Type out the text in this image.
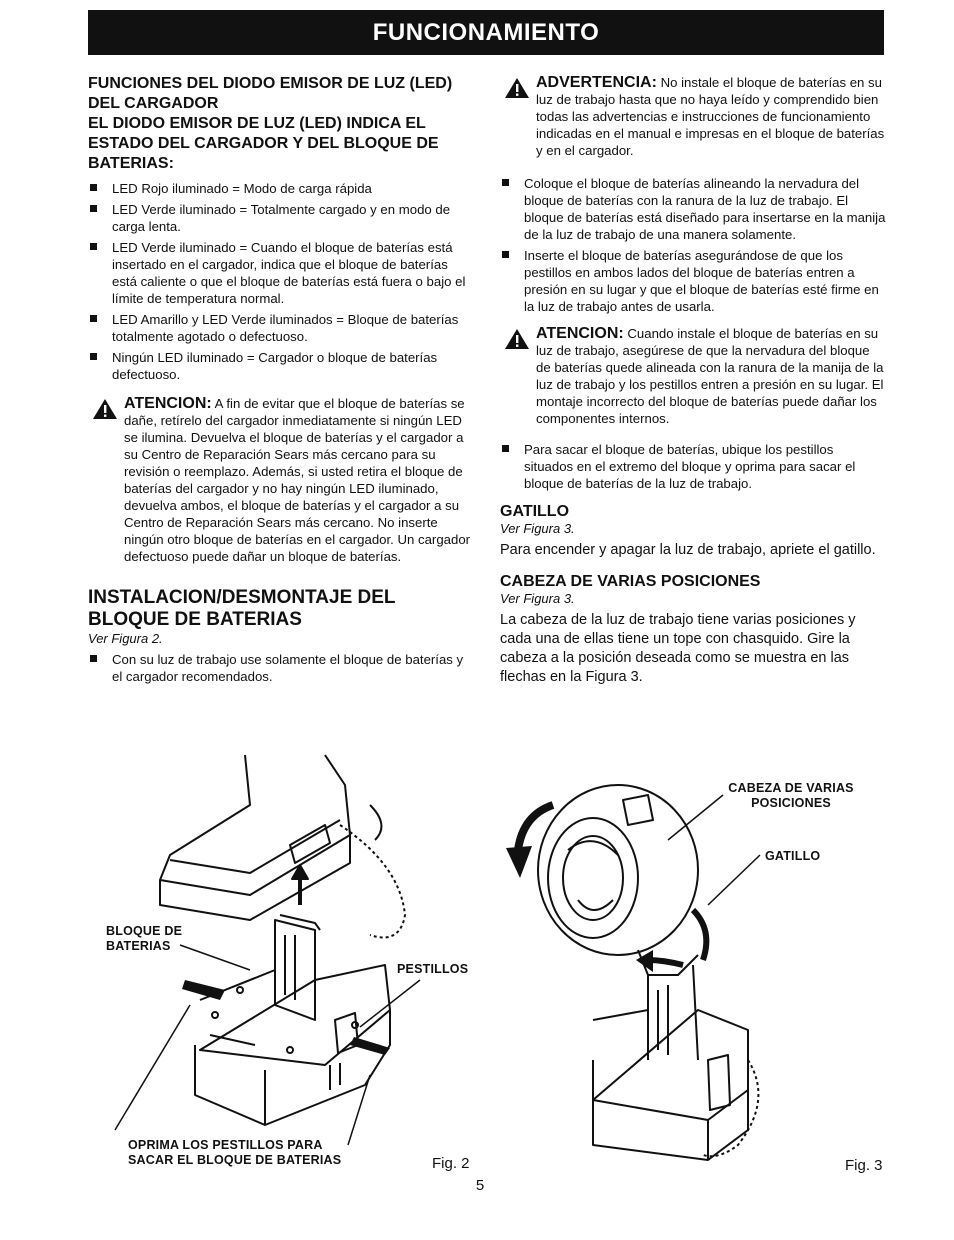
FUNCIONAMIENTO

FUNCIONES DEL DIODO EMISOR DE LUZ (LED) DEL CARGADOR

EL DIODO EMISOR DE LUZ (LED) INDICA EL ESTADO DEL CARGADOR Y DEL BLOQUE DE BATERIAS:

LED Rojo iluminado = Modo de carga rápida
LED Verde iluminado = Totalmente cargado y en modo de carga lenta.
LED Verde iluminado = Cuando el bloque de baterías está insertado en el cargador, indica que el bloque de baterías está caliente o que el bloque de baterías está fuera o bajo el límite de temperatura normal.
LED Amarillo y LED Verde iluminados = Bloque de baterías totalmente agotado o defectuoso.
Ningún LED iluminado = Cargador o bloque de baterías defectuoso.
ATENCION: A fin de evitar que el bloque de baterías se dañe, retírelo del cargador inmediatamente si ningún LED se ilumina. Devuelva el bloque de baterías y el cargador a su Centro de Reparación Sears más cercano para su revisión o reemplazo. Además, si usted retira el bloque de baterías del cargador y no hay ningún LED iluminado, devuelva ambos, el bloque de baterías y el cargador a su Centro de Reparación Sears más cercano. No inserte ningún otro bloque de baterías en el cargador. Un cargador defectuoso puede dañar un bloque de baterías.

INSTALACION/DESMONTAJE DEL BLOQUE DE BATERIAS

Ver Figura 2.

Con su luz de trabajo use solamente el bloque de baterías y el cargador recomendados.
ADVERTENCIA: No instale el bloque de baterías en su luz de trabajo hasta que no haya leído y comprendido bien todas las advertencias e instrucciones de funcionamiento indicadas en el manual e impresas en el bloque de baterías y en el cargador.
Coloque el bloque de baterías alineando la nervadura del bloque de baterías con la ranura de la luz de trabajo. El bloque de baterías está diseñado para insertarse en la manija de la luz de trabajo de una manera solamente.
Inserte el bloque de baterías asegurándose de que los pestillos en ambos lados del bloque de baterías entren a presión en su lugar y que el bloque de baterías esté firme en la luz de trabajo antes de usarla.
ATENCION: Cuando instale el bloque de baterías en su luz de trabajo, asegúrese de que la nervadura del bloque de baterías quede alineada con la ranura de la manija de la luz de trabajo y los pestillos entren a presión en su lugar. El montaje incorrecto del bloque de baterías puede dañar los componentes internos.
Para sacar el bloque de baterías, ubique los pestillos situados en el extremo del bloque y oprima para sacar el bloque de baterías de la luz de trabajo.

GATILLO

Ver Figura 3.

Para encender y apagar la luz de trabajo, apriete el gatillo.

CABEZA DE VARIAS POSICIONES

Ver Figura 3.

La cabeza de la luz de trabajo tiene varias posiciones y cada una de ellas tiene un tope con chasquido. Gire la cabeza a la posición deseada como se muestra en las flechas en la Figura 3.

BLOQUE DE BATERIAS
PESTILLOS
OPRIMA LOS PESTILLOS PARA SACAR EL BLOQUE DE BATERIAS	Fig. 2
CABEZA DE VARIAS POSICIONES
GATILLO
Fig. 3
5
